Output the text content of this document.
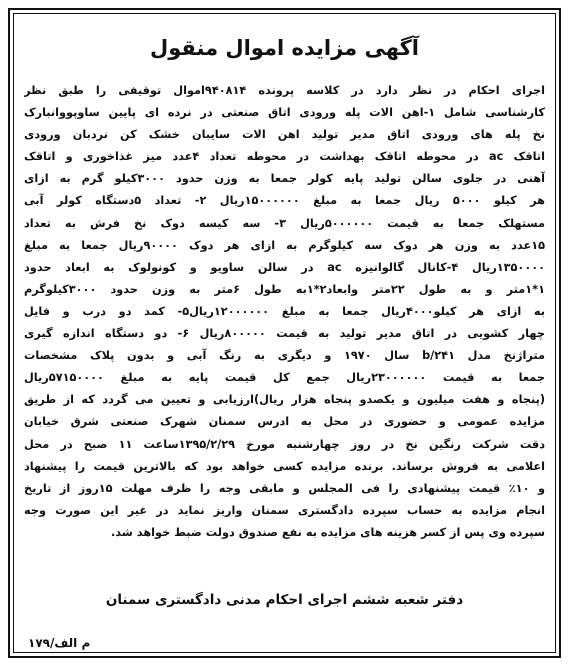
آگهی مزایده اموال منقول
اجرای احکام در نظر دارد در کلاسه پرونده ۹۴۰۸۱۴اموال توقیفی را طبق نظر
کارشناسی شامل ۱-اهن الات پله ورودی اتاق صنعتی در نرده ای پایین ساوپووانبارک
نخ پله های ورودی اتاق مدیر تولید اهن الات سایبان خشک کن نردبان ورودی
اتاقک ac در محوطه اتاقک بهداشت در محوطه تعداد ۴عدد میز غذاخوری و اتاقک
آهنی در جلوی سالن تولید پایه کولر جمعا به وزن حدود ۳۰۰۰کیلو گرم به ازای
هر کیلو ۵۰۰۰ ریال جمعا به مبلغ ۱۵۰۰۰۰۰۰ریال ۲- تعداد ۵دستگاه کولر آبی
مستهلک جمعا به قیمت ۵۰۰۰۰۰۰ریال ۳- سه کیسه دوک نخ فرش به تعداد
۱۵عدد به وزن هر دوک سه کیلوگرم به ازای هر دوک ۹۰۰۰۰ریال جمعا به مبلغ
۱۳۵۰۰۰۰ریال ۴-کانال گالوانیزه ac در سالن ساویو و کونولوک به ابعاد حدود
۱*۱متر و به طول ۲۲متر وابعاد۲*۱به طول ۶متر به وزن حدود ۳۰۰۰کیلوگرم
به ازای هر کیلو۴۰۰۰ریال جمعا به مبلغ ۱۲۰۰۰۰۰۰ریال۵- کمد دو درب و فایل
چهار کشویی در اتاق مدیر تولید به قیمت ۸۰۰۰۰۰ریال ۶- دو دستگاه اندازه گیری
متراژنخ مدل b/۲۴۱ سال ۱۹۷۰ و دیگری به رنگ آبی و بدون پلاک مشخصات
جمعا به قیمت ۲۳۰۰۰۰۰۰ریال جمع کل قیمت پایه به مبلغ ۵۷۱۵۰۰۰۰ریال
(پنجاه و هفت میلیون و یکصدو پنجاه هزار ریال)ارزیابی و تعیین می گردد که از طریق
مزایده عمومی و حضوری در محل به ادرس سمنان شهرک صنعتی شرق خیابان
دقت شرکت رنگین نخ در روز چهارشنبه مورخ ۱۳۹۵/۲/۲۹ساعت ۱۱ صبح در محل
اعلامی به فروش برساند. برنده مزایده کسی خواهد بود که بالاترین قیمت را پیشنهاد
و ۱۰٪ قیمت پیشنهادی را فی المجلس و مابقی وجه را ظرف مهلت ۱۵روز از تاریخ
انجام مزایده به حساب سپرده دادگستری سمنان واریز نماید در غیر این صورت وجه
سپرده وی پس از کسر هزینه های مزایده به نفع صندوق دولت ضبط خواهد شد.
دفتر شعبه ششم اجرای احکام مدنی دادگستری سمنان
م الف/۱۷۹
